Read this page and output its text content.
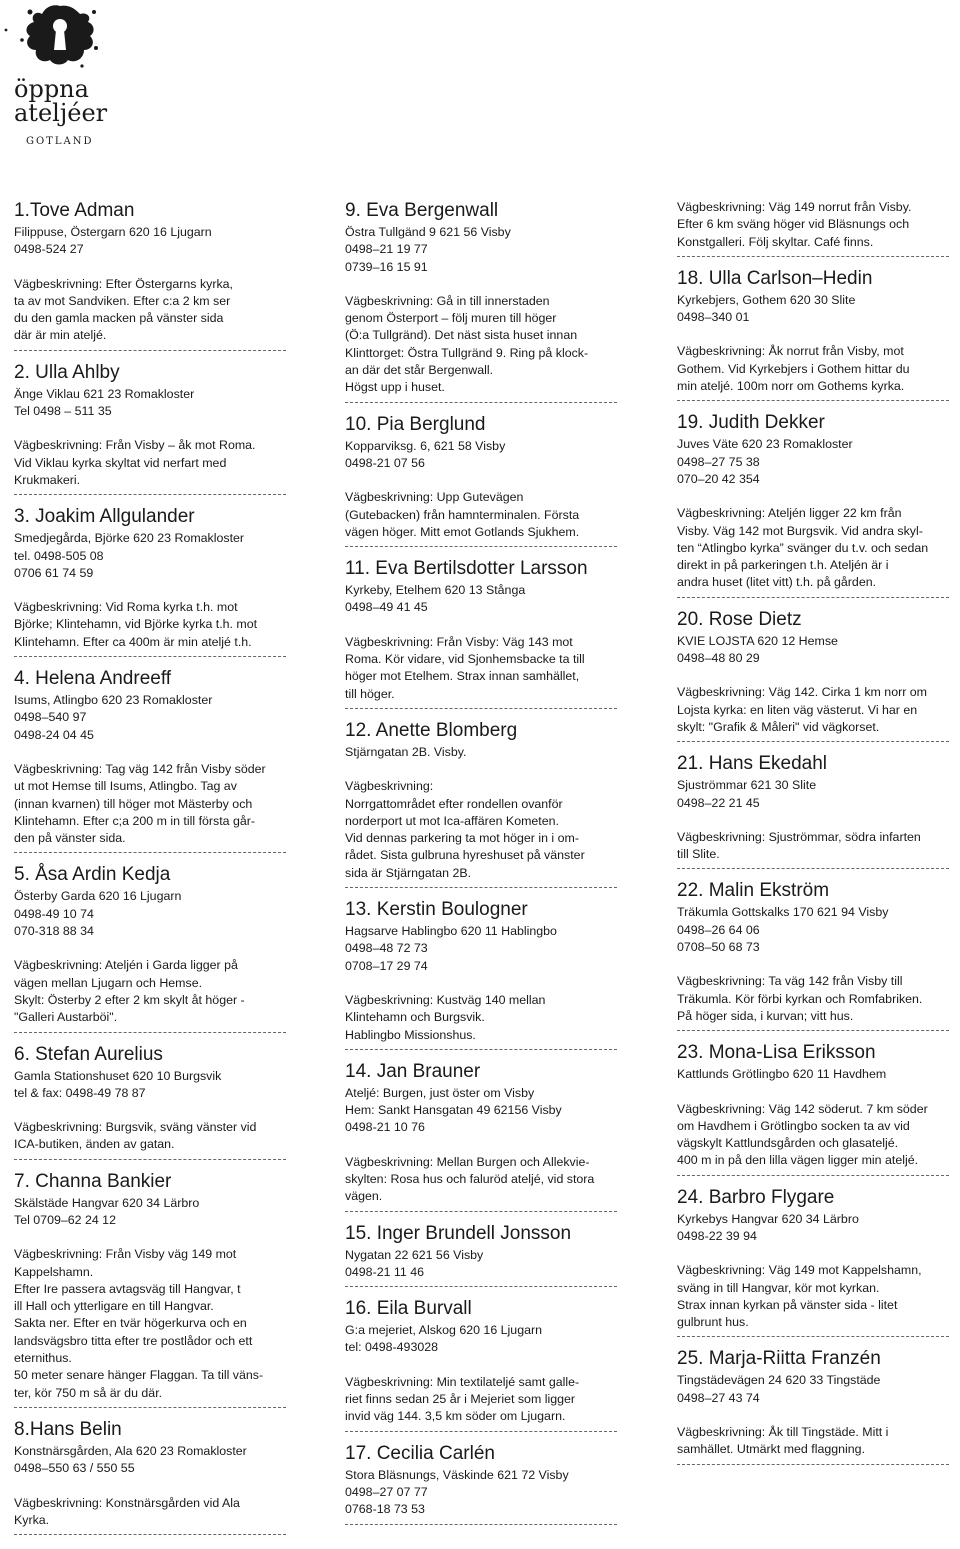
öppna
ateljéer
GOTLAND
1.Tove Adman
Filippuse, Östergarn 620 16 Ljugarn
0498-524 27
Vägbeskrivning: Efter Östergarns kyrka,
ta av mot Sandviken. Efter c:a 2 km ser
du den gamla macken på vänster sida
där är min ateljé.
2. Ulla Ahlby
Änge Viklau 621 23 Romakloster
Tel 0498 – 511 35
Vägbeskrivning: Från Visby – åk mot Roma.
Vid Viklau kyrka skyltat vid nerfart med
Krukmakeri.
3. Joakim Allgulander
Smedjegårda, Björke 620 23 Romakloster
tel. 0498-505 08
0706 61 74 59
Vägbeskrivning: Vid Roma kyrka t.h. mot
Björke; Klintehamn, vid Björke kyrka t.h. mot
Klintehamn. Efter ca 400m är min ateljé t.h.
4. Helena Andreeff
Isums, Atlingbo 620 23 Romakloster
0498–540 97
0498-24 04 45
Vägbeskrivning: Tag väg 142 från Visby söder
ut mot Hemse till Isums, Atlingbo. Tag av
(innan kvarnen) till höger mot Mästerby och
Klintehamn. Efter c;a 200 m in till första går-
den på vänster sida.
5. Åsa Ardin Kedja
Österby Garda 620 16 Ljugarn
0498-49 10 74
070-318 88 34
Vägbeskrivning: Ateljén i Garda ligger på
vägen mellan Ljugarn och Hemse.
Skylt: Österby 2 efter 2 km skylt åt höger -
"Galleri Austarböi".
6. Stefan Aurelius
Gamla Stationshuset 620 10 Burgsvik
tel & fax: 0498-49 78 87
Vägbeskrivning: Burgsvik, sväng vänster vid
ICA-butiken, änden av gatan.
7. Channa Bankier
Skälstäde Hangvar 620 34 Lärbro
Tel 0709–62 24 12
Vägbeskrivning: Från Visby väg 149 mot
Kappelshamn.
Efter Ire passera avtagsväg till Hangvar, t
ill Hall och ytterligare en till Hangvar.
Sakta ner. Efter en tvär högerkurva och en
landsvägsbro titta efter tre postlådor och ett
eternithus.
50 meter senare hänger Flaggan. Ta till väns-
ter, kör 750 m så är du där.
8.Hans Belin
Konstnärsgården, Ala 620 23 Romakloster
0498–550 63 / 550 55
Vägbeskrivning: Konstnärsgården vid Ala
Kyrka.
9. Eva Bergenwall
Östra Tullgänd 9 621 56 Visby
0498–21 19 77
0739–16 15 91
Vägbeskrivning: Gå in till innerstaden
genom Österport – följ muren till höger
(Ö:a Tullgränd). Det näst sista huset innan
Klinttorget: Östra Tullgränd 9. Ring på klock-
an där det står Bergenwall.
Högst upp i huset.
10. Pia Berglund
Kopparviksg. 6, 621 58 Visby
0498-21 07 56
Vägbeskrivning: Upp Gutevägen
(Gutebacken) från hamnterminalen. Första
vägen höger. Mitt emot Gotlands Sjukhem.
11. Eva Bertilsdotter Larsson
Kyrkeby, Etelhem 620 13 Stånga
0498–49 41 45
Vägbeskrivning: Från Visby: Väg 143 mot
Roma. Kör vidare, vid Sjonhemsbacke ta till
höger mot Etelhem. Strax innan samhället,
till höger.
12. Anette Blomberg
Stjärngatan 2B. Visby.
Vägbeskrivning:
Norrgattområdet efter rondellen ovanför
norderport ut mot Ica-affären Kometen.
Vid dennas parkering ta mot höger in i om-
rådet. Sista gulbruna hyreshuset på vänster
sida är Stjärngatan 2B.
13. Kerstin Boulogner
Hagsarve Hablingbo 620 11 Hablingbo
0498–48 72 73
0708–17 29 74
Vägbeskrivning: Kustväg 140 mellan
Klintehamn och Burgsvik.
Hablingbo Missionshus.
14. Jan Brauner
Ateljé: Burgen, just öster om Visby
Hem: Sankt Hansgatan 49 62156 Visby
0498-21 10 76
Vägbeskrivning: Mellan Burgen och Allekvie-
skylten: Rosa hus och faluröd ateljé, vid stora
vägen.
15. Inger Brundell Jonsson
Nygatan 22 621 56 Visby
0498-21 11 46
16. Eila Burvall
G:a mejeriet, Alskog 620 16 Ljugarn
tel: 0498-493028
Vägbeskrivning: Min textilateljé samt galle-
riet finns sedan 25 år i Mejeriet som ligger
invid väg 144. 3,5 km söder om Ljugarn.
17. Cecilia Carlén
Stora Bläsnungs, Väskinde 621 72 Visby
0498–27 07 77
0768-18 73 53
Vägbeskrivning: Väg 149 norrut från Visby.
Efter 6 km sväng höger vid Bläsnungs och
Konstgalleri. Följ skyltar. Café finns.
18. Ulla Carlson–Hedin
Kyrkebjers, Gothem 620 30 Slite
0498–340 01
Vägbeskrivning: Åk norrut från Visby, mot
Gothem. Vid Kyrkebjers i Gothem hittar du
min ateljé. 100m norr om Gothems kyrka.
19. Judith Dekker
Juves Väte 620 23 Romakloster
0498–27 75 38
070–20 42 354
Vägbeskrivning: Ateljén ligger 22 km från
Visby. Väg 142 mot Burgsvik. Vid andra skyl-
ten “Atlingbo kyrka” svänger du t.v. och sedan
direkt in på parkeringen t.h. Ateljén är i
andra huset (litet vitt) t.h. på gården.
20. Rose Dietz
KVIE LOJSTA 620 12 Hemse
0498–48 80 29
Vägbeskrivning: Väg 142. Cirka 1 km norr om
Lojsta kyrka: en liten väg västerut. Vi har en
skylt: "Grafik & Måleri" vid vägkorset.
21. Hans Ekedahl
Sjuströmmar 621 30 Slite
0498–22 21 45
Vägbeskrivning: Sjuströmmar, södra infarten
till Slite.
22. Malin Ekström
Träkumla Gottskalks 170 621 94 Visby
0498–26 64 06
0708–50 68 73
Vägbeskrivning: Ta väg 142 från Visby till
Träkumla. Kör förbi kyrkan och Romfabriken.
På höger sida, i kurvan; vitt hus.
23. Mona-Lisa Eriksson
Kattlunds Grötlingbo 620 11 Havdhem
Vägbeskrivning: Väg 142 söderut. 7 km söder
om Havdhem i Grötlingbo socken ta av vid
vägskylt Kattlundsgården och glasateljé.
400 m in på den lilla vägen ligger min ateljé.
24. Barbro Flygare
Kyrkebys Hangvar 620 34 Lärbro
0498-22 39 94
Vägbeskrivning: Väg 149 mot Kappelshamn,
sväng in till Hangvar, kör mot kyrkan.
Strax innan kyrkan på vänster sida - litet
gulbrunt hus.
25. Marja-Riitta Franzén
Tingstädevägen 24 620 33 Tingstäde
0498–27 43 74
Vägbeskrivning: Åk till Tingstäde. Mitt i
samhället. Utmärkt med flaggning.
